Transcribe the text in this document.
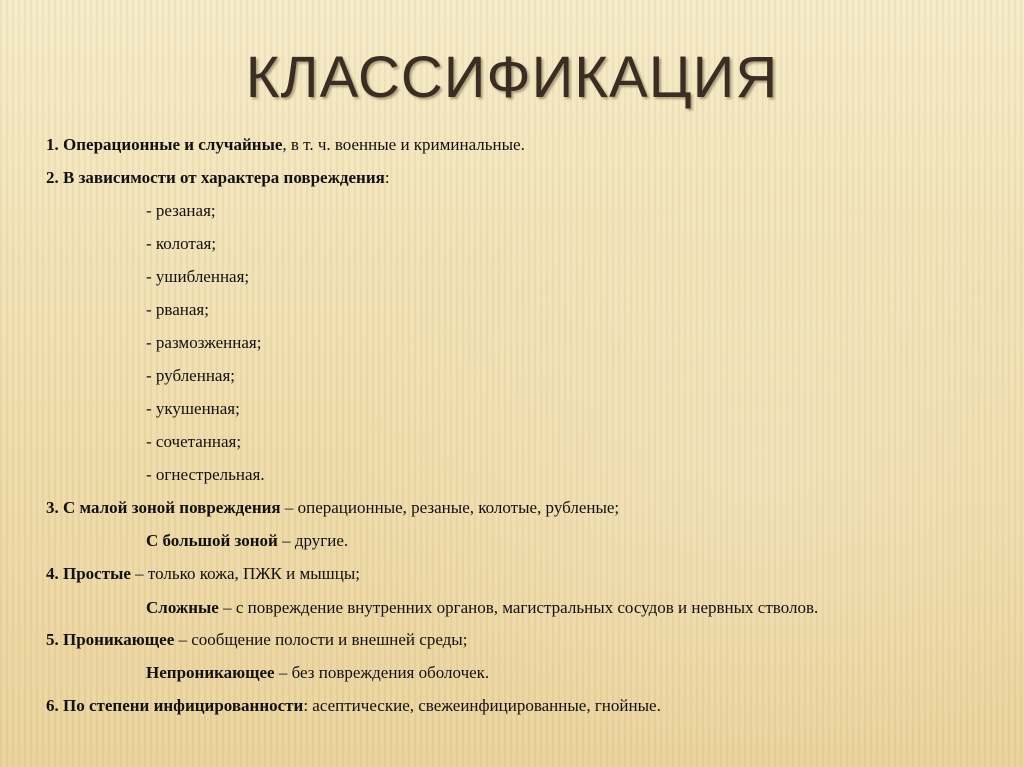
КЛАССИФИКАЦИЯ
1. Операционные и случайные, в т. ч. военные и криминальные.
2. В зависимости от характера повреждения:
- резаная;
- колотая;
- ушибленная;
- рваная;
- размозженная;
- рубленная;
- укушенная;
- сочетанная;
- огнестрельная.
3. С малой зоной повреждения – операционные, резаные, колотые, рубленые;
С большой зоной – другие.
4. Простые – только кожа, ПЖК и мышцы;
Сложные – с повреждение внутренних органов, магистральных сосудов и нервных стволов.
5. Проникающее – сообщение полости и внешней среды;
Непроникающее – без повреждения оболочек.
6. По степени инфицированности: асептические, свежеинфицированные, гнойные.
